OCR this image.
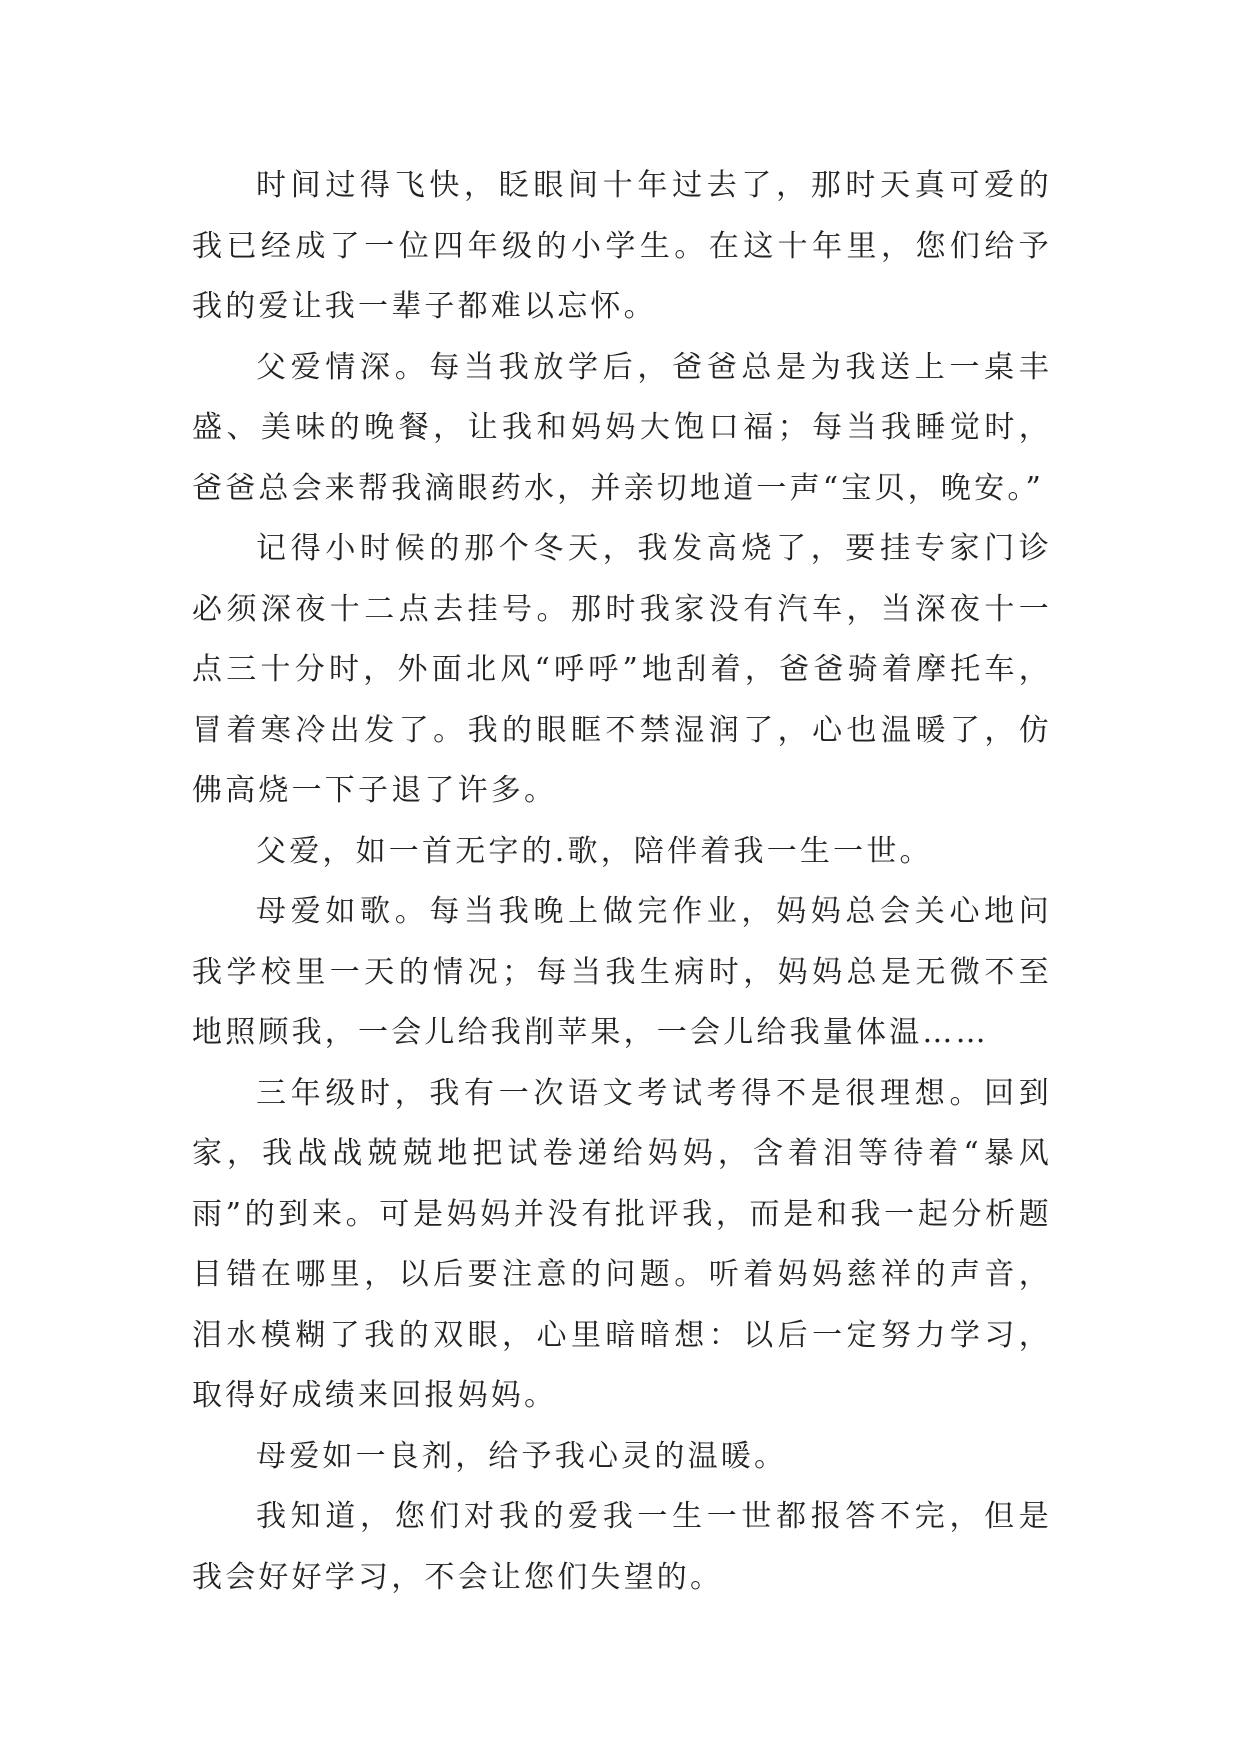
时间过得飞快，眨眼间十年过去了，那时天真可爱的我已经成了一位四年级的小学生。在这十年里，您们给予我的爱让我一辈子都难以忘怀。

父爱情深。每当我放学后，爸爸总是为我送上一桌丰盛、美味的晚餐，让我和妈妈大饱口福；每当我睡觉时，爸爸总会来帮我滴眼药水，并亲切地道一声“宝贝，晚安。”

记得小时候的那个冬天，我发高烧了，要挂专家门诊必须深夜十二点去挂号。那时我家没有汽车，当深夜十一点三十分时，外面北风“呼呼”地刮着，爸爸骑着摩托车，冒着寒冷出发了。我的眼眶不禁湿润了，心也温暖了，仿佛高烧一下子退了许多。

父爱，如一首无字的.歌，陪伴着我一生一世。

母爱如歌。每当我晚上做完作业，妈妈总会关心地问我学校里一天的情况；每当我生病时，妈妈总是无微不至地照顾我，一会儿给我削苹果，一会儿给我量体温……

三年级时，我有一次语文考试考得不是很理想。回到家，我战战兢兢地把试卷递给妈妈，含着泪等待着“暴风雨”的到来。可是妈妈并没有批评我，而是和我一起分析题目错在哪里，以后要注意的问题。听着妈妈慈祥的声音，泪水模糊了我的双眼，心里暗暗想：以后一定努力学习，取得好成绩来回报妈妈。

母爱如一良剂，给予我心灵的温暖。

我知道，您们对我的爱我一生一世都报答不完，但是我会好好学习，不会让您们失望的。
